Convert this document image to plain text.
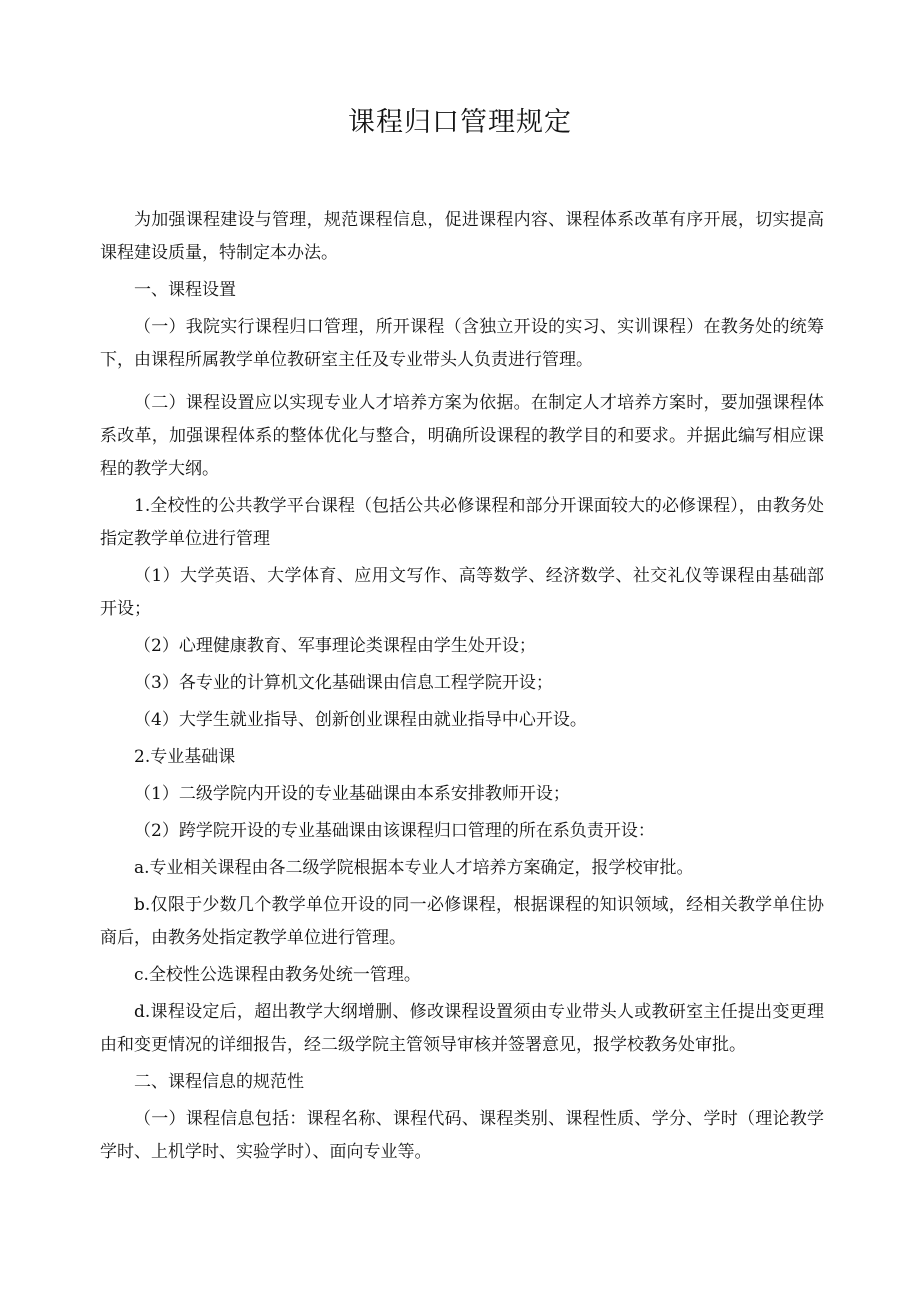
课程归口管理规定

为加强课程建设与管理，规范课程信息，促进课程内容、课程体系改革有序开展，切实提高课程建设质量，特制定本办法。

一、课程设置

（一）我院实行课程归口管理，所开课程（含独立开设的实习、实训课程）在教务处的统筹下，由课程所属教学单位教研室主任及专业带头人负责进行管理。

（二）课程设置应以实现专业人才培养方案为依据。在制定人才培养方案时，要加强课程体系改革，加强课程体系的整体优化与整合，明确所设课程的教学目的和要求。并据此编写相应课程的教学大纲。

1.全校性的公共教学平台课程（包括公共必修课程和部分开课面较大的必修课程），由教务处指定教学单位进行管理

（1）大学英语、大学体育、应用文写作、高等数学、经济数学、社交礼仪等课程由基础部开设；

（2）心理健康教育、军事理论类课程由学生处开设；

（3）各专业的计算机文化基础课由信息工程学院开设；

（4）大学生就业指导、创新创业课程由就业指导中心开设。

2.专业基础课

（1）二级学院内开设的专业基础课由本系安排教师开设；

（2）跨学院开设的专业基础课由该课程归口管理的所在系负责开设：

a.专业相关课程由各二级学院根据本专业人才培养方案确定，报学校审批。

b.仅限于少数几个教学单位开设的同一必修课程，根据课程的知识领域，经相关教学单住协商后，由教务处指定教学单位进行管理。

c.全校性公选课程由教务处统一管理。

d.课程设定后，超出教学大纲增删、修改课程设置须由专业带头人或教研室主任提出变更理由和变更情况的详细报告，经二级学院主管领导审核并签署意见，报学校教务处审批。

二、课程信息的规范性

（一）课程信息包括：课程名称、课程代码、课程类别、课程性质、学分、学时（理论教学学时、上机学时、实验学时）、面向专业等。
